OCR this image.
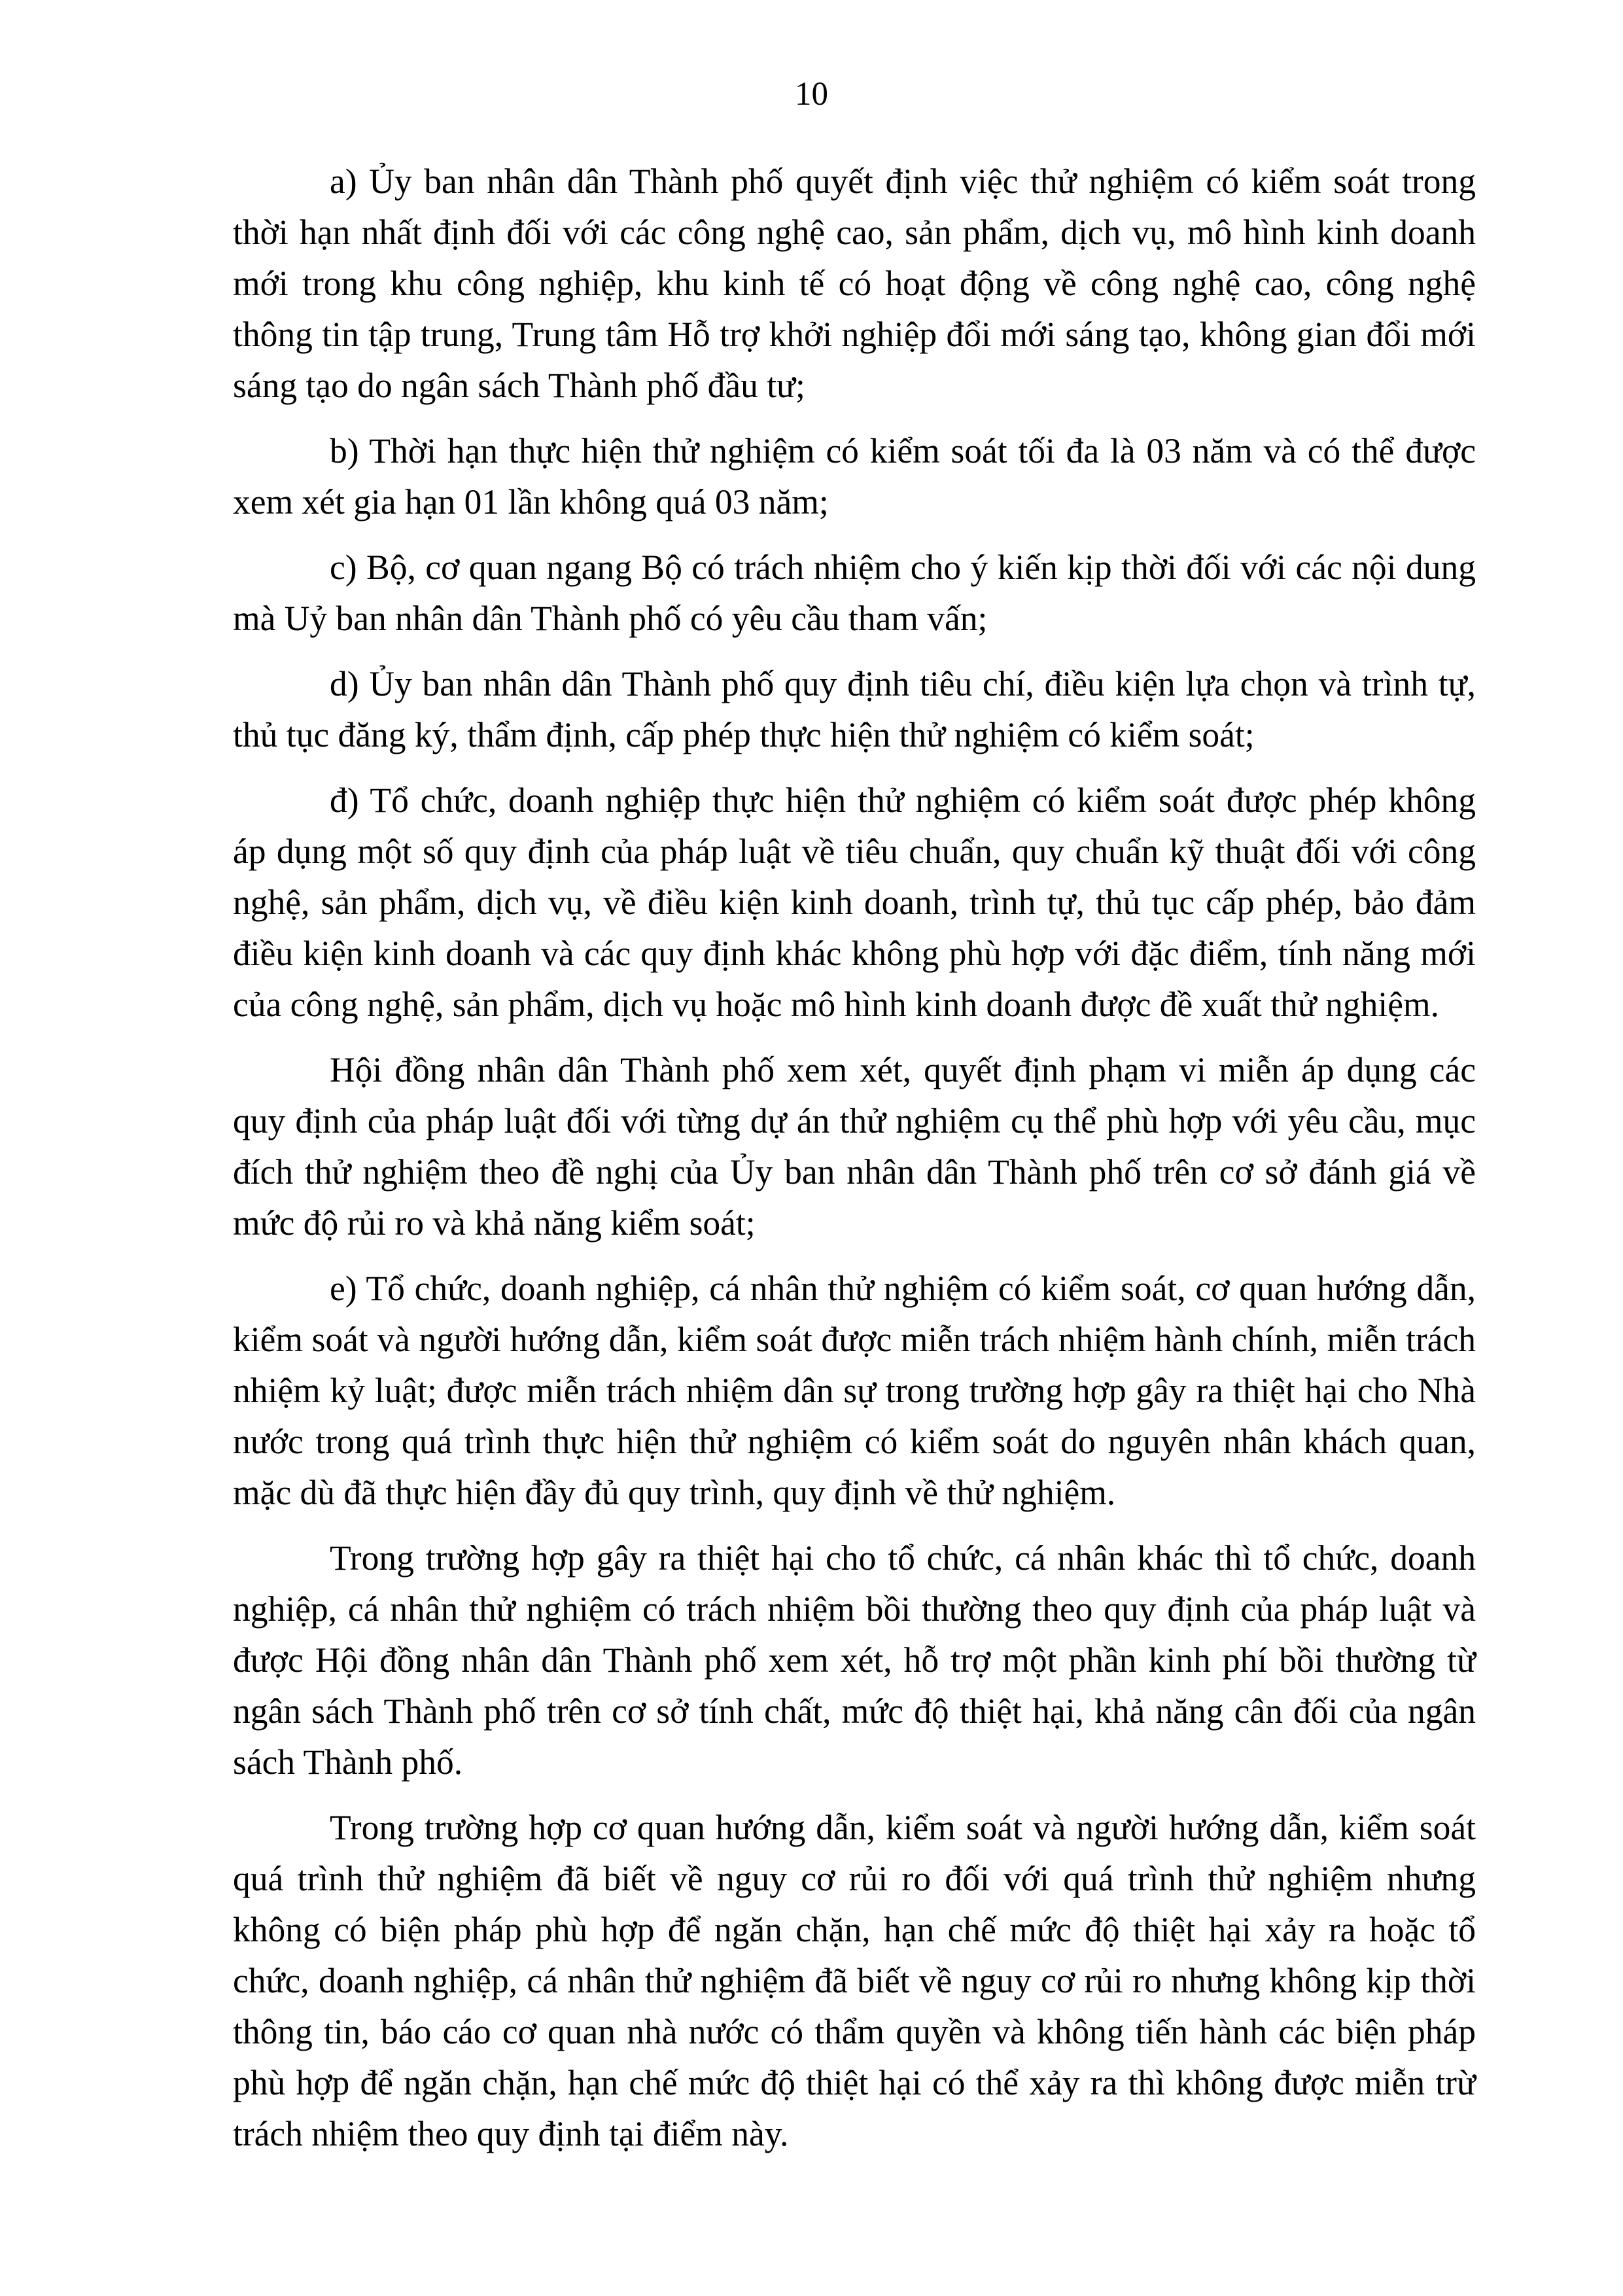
10

a) Ủy ban nhân dân Thành phố quyết định việc thử nghiệm có kiểm soát trong thời hạn nhất định đối với các công nghệ cao, sản phẩm, dịch vụ, mô hình kinh doanh mới trong khu công nghiệp, khu kinh tế có hoạt động về công nghệ cao, công nghệ thông tin tập trung, Trung tâm Hỗ trợ khởi nghiệp đổi mới sáng tạo, không gian đổi mới sáng tạo do ngân sách Thành phố đầu tư;

b) Thời hạn thực hiện thử nghiệm có kiểm soát tối đa là 03 năm và có thể được xem xét gia hạn 01 lần không quá 03 năm;

c) Bộ, cơ quan ngang Bộ có trách nhiệm cho ý kiến kịp thời đối với các nội dung mà Uỷ ban nhân dân Thành phố có yêu cầu tham vấn;

d) Ủy ban nhân dân Thành phố quy định tiêu chí, điều kiện lựa chọn và trình tự, thủ tục đăng ký, thẩm định, cấp phép thực hiện thử nghiệm có kiểm soát;

đ) Tổ chức, doanh nghiệp thực hiện thử nghiệm có kiểm soát được phép không áp dụng một số quy định của pháp luật về tiêu chuẩn, quy chuẩn kỹ thuật đối với công nghệ, sản phẩm, dịch vụ, về điều kiện kinh doanh, trình tự, thủ tục cấp phép, bảo đảm điều kiện kinh doanh và các quy định khác không phù hợp với đặc điểm, tính năng mới của công nghệ, sản phẩm, dịch vụ hoặc mô hình kinh doanh được đề xuất thử nghiệm.

Hội đồng nhân dân Thành phố xem xét, quyết định phạm vi miễn áp dụng các quy định của pháp luật đối với từng dự án thử nghiệm cụ thể phù hợp với yêu cầu, mục đích thử nghiệm theo đề nghị của Ủy ban nhân dân Thành phố trên cơ sở đánh giá về mức độ rủi ro và khả năng kiểm soát;

e) Tổ chức, doanh nghiệp, cá nhân thử nghiệm có kiểm soát, cơ quan hướng dẫn, kiểm soát và người hướng dẫn, kiểm soát được miễn trách nhiệm hành chính, miễn trách nhiệm kỷ luật; được miễn trách nhiệm dân sự trong trường hợp gây ra thiệt hại cho Nhà nước trong quá trình thực hiện thử nghiệm có kiểm soát do nguyên nhân khách quan, mặc dù đã thực hiện đầy đủ quy trình, quy định về thử nghiệm.

Trong trường hợp gây ra thiệt hại cho tổ chức, cá nhân khác thì tổ chức, doanh nghiệp, cá nhân thử nghiệm có trách nhiệm bồi thường theo quy định của pháp luật và được Hội đồng nhân dân Thành phố xem xét, hỗ trợ một phần kinh phí bồi thường từ ngân sách Thành phố trên cơ sở tính chất, mức độ thiệt hại, khả năng cân đối của ngân sách Thành phố.

Trong trường hợp cơ quan hướng dẫn, kiểm soát và người hướng dẫn, kiểm soát quá trình thử nghiệm đã biết về nguy cơ rủi ro đối với quá trình thử nghiệm nhưng không có biện pháp phù hợp để ngăn chặn, hạn chế mức độ thiệt hại xảy ra hoặc tổ chức, doanh nghiệp, cá nhân thử nghiệm đã biết về nguy cơ rủi ro nhưng không kịp thời thông tin, báo cáo cơ quan nhà nước có thẩm quyền và không tiến hành các biện pháp phù hợp để ngăn chặn, hạn chế mức độ thiệt hại có thể xảy ra thì không được miễn trừ trách nhiệm theo quy định tại điểm này.
